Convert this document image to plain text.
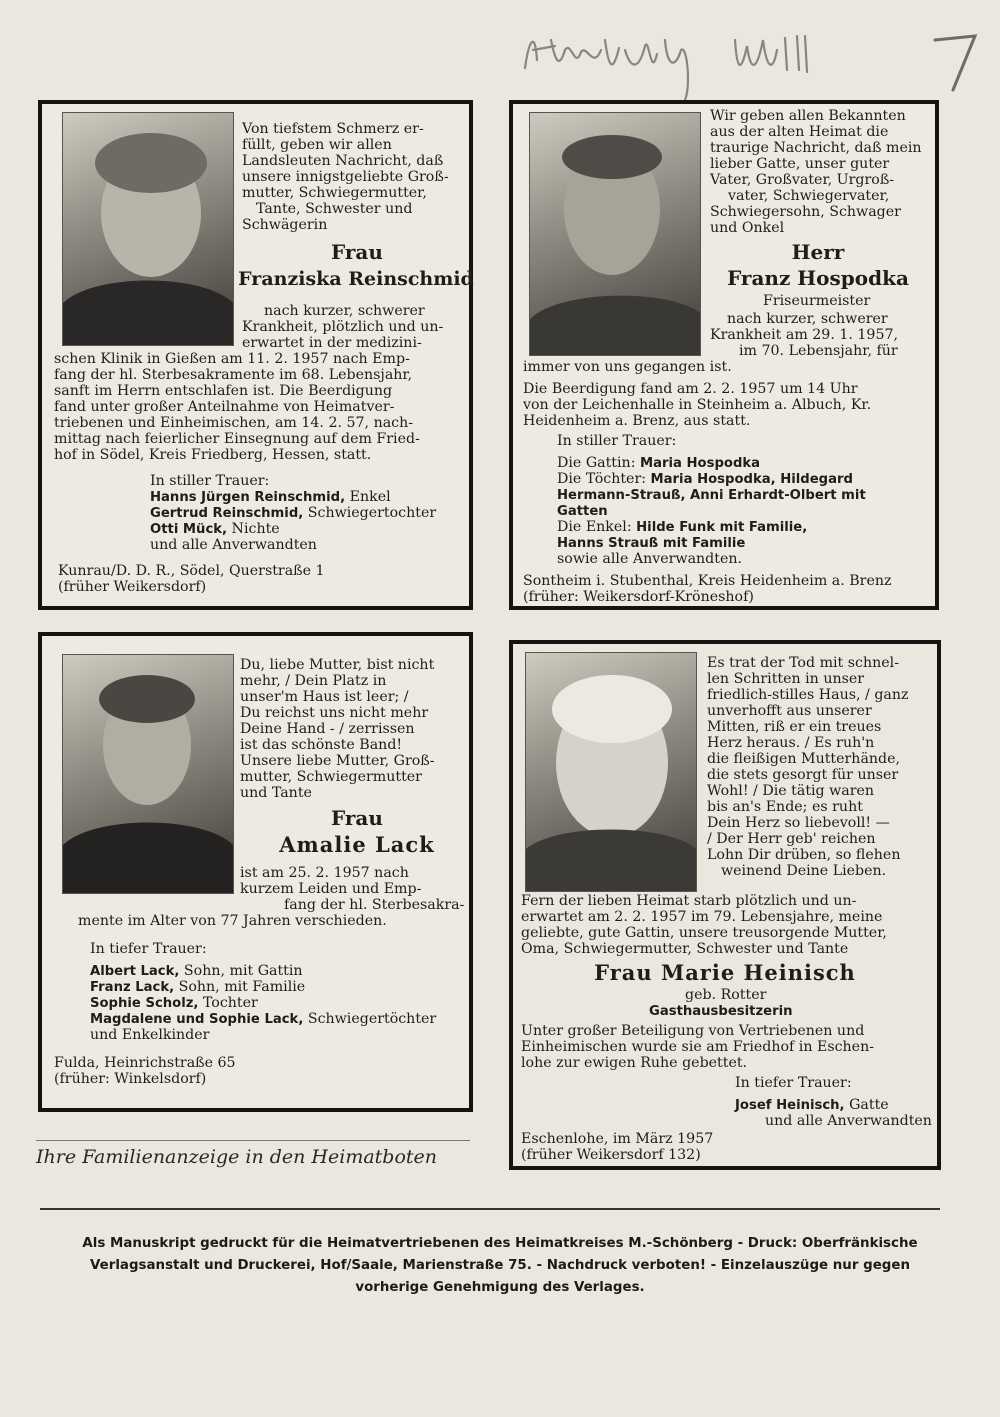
Von tiefstem Schmerz er-
füllt, geben wir allen
Landsleuten Nachricht, daß
unsere innigstgeliebte Groß-
mutter, Schwiegermutter,
Tante, Schwester und
Schwägerin
Frau
Franziska Reinschmid
nach kurzer, schwerer
Krankheit, plötzlich und un-
erwartet in der medizini-
schen Klinik in Gießen am 11. 2. 1957 nach Emp-
fang der hl. Sterbesakramente im 68. Lebensjahr,
sanft im Herrn entschlafen ist. Die Beerdigung
fand unter großer Anteilnahme von Heimatver-
triebenen und Einheimischen, am 14. 2. 57, nach-
mittag nach feierlicher Einsegnung auf dem Fried-
hof in Södel, Kreis Friedberg, Hessen, statt.
In stiller Trauer:
Hanns Jürgen Reinschmid, Enkel
Gertrud Reinschmid, Schwiegertochter
Otti Mück, Nichte
und alle Anverwandten
Kunrau/D. D. R., Södel, Querstraße 1
(früher Weikersdorf)
Wir geben allen Bekannten
aus der alten Heimat die
traurige Nachricht, daß mein
lieber Gatte, unser guter
Vater, Großvater, Urgroß-
vater, Schwiegervater,
Schwiegersohn, Schwager
und Onkel
Herr
Franz Hospodka
Friseurmeister
nach kurzer, schwerer
Krankheit am 29. 1. 1957,
im 70. Lebensjahr, für
immer von uns gegangen ist.
Die Beerdigung fand am 2. 2. 1957 um 14 Uhr
von der Leichenhalle in Steinheim a. Albuch, Kr.
Heidenheim a. Brenz, aus statt.
In stiller Trauer:
Die Gattin: Maria Hospodka
Die Töchter: Maria Hospodka, Hildegard
Hermann-Strauß, Anni Erhardt-Olbert mit
Gatten
Die Enkel: Hilde Funk mit Familie,
Hanns Strauß mit Familie
sowie alle Anverwandten.
Sontheim i. Stubenthal, Kreis Heidenheim a. Brenz
(früher: Weikersdorf-Kröneshof)
Du, liebe Mutter, bist nicht
mehr, / Dein Platz in
unser'm Haus ist leer; /
Du reichst uns nicht mehr
Deine Hand - / zerrissen
ist das schönste Band!
Unsere liebe Mutter, Groß-
mutter, Schwiegermutter
und Tante
Frau
Amalie Lack
ist am 25. 2. 1957 nach
kurzem Leiden und Emp-
fang der hl. Sterbesakra-
mente im Alter von 77 Jahren verschieden.
In tiefer Trauer:
Albert Lack, Sohn, mit Gattin
Franz Lack, Sohn, mit Familie
Sophie Scholz, Tochter
Magdalene und Sophie Lack, Schwiegertöchter
und Enkelkinder
Fulda, Heinrichstraße 65
(früher: Winkelsdorf)
Es trat der Tod mit schnel-
len Schritten in unser
friedlich-stilles Haus, / ganz
unverhofft aus unserer
Mitten, riß er ein treues
Herz heraus. / Es ruh'n
die fleißigen Mutterhände,
die stets gesorgt für unser
Wohl! / Die tätig waren
bis an's Ende; es ruht
Dein Herz so liebevoll! —
/ Der Herr geb' reichen
Lohn Dir drüben, so flehen
weinend Deine Lieben.
Fern der lieben Heimat starb plötzlich und un-
erwartet am 2. 2. 1957 im 79. Lebensjahre, meine
geliebte, gute Gattin, unsere treusorgende Mutter,
Oma, Schwiegermutter, Schwester und Tante
Frau Marie Heinisch
geb. Rotter
Gasthausbesitzerin
Unter großer Beteiligung von Vertriebenen und
Einheimischen wurde sie am Friedhof in Eschen-
lohe zur ewigen Ruhe gebettet.
In tiefer Trauer:
Josef Heinisch, Gatte
und alle Anverwandten
Eschenlohe, im März 1957
(früher Weikersdorf 132)
Ihre Familienanzeige in den Heimatboten
Als Manuskript gedruckt für die Heimatvertriebenen des Heimatkreises M.-Schönberg - Druck: Oberfränkische
Verlagsanstalt und Druckerei, Hof/Saale, Marienstraße 75. - Nachdruck verboten! - Einzelauszüge nur gegen
vorherige Genehmigung des Verlages.
